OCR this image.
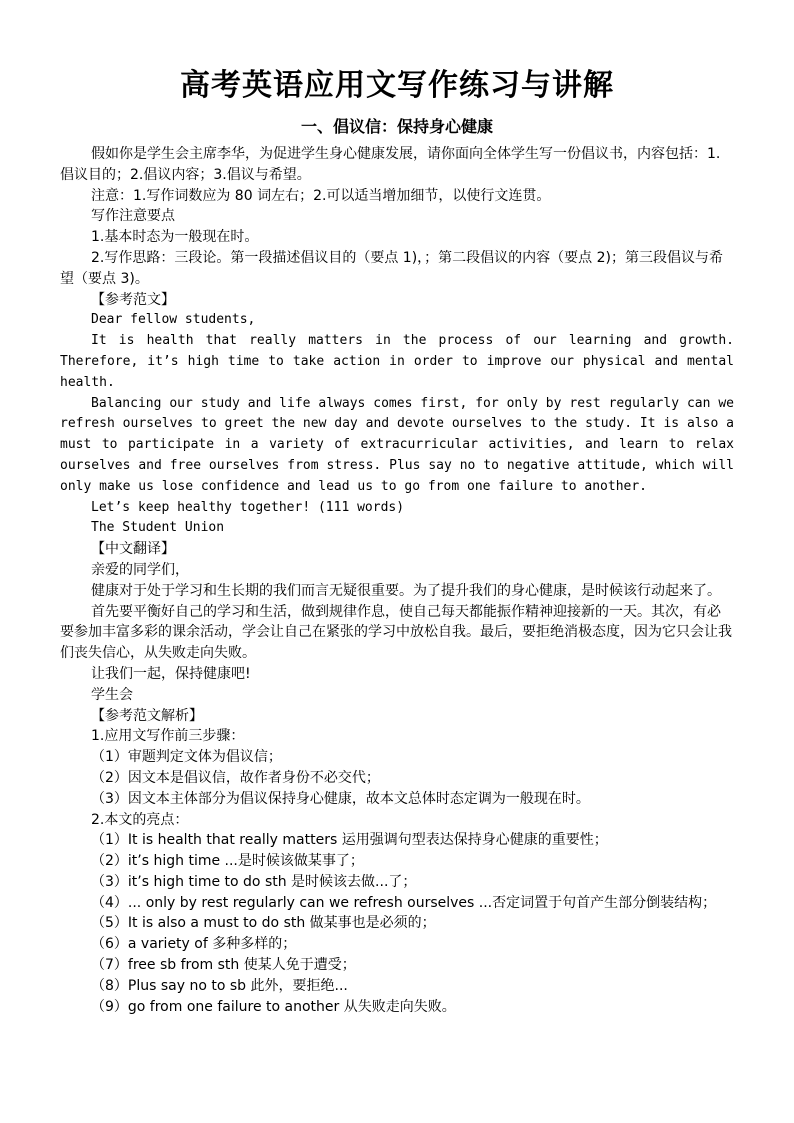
高考英语应用文写作练习与讲解
一、倡议信：保持身心健康

假如你是学生会主席李华，为促进学生身心健康发展，请你面向全体学生写一份倡议书，内容包括：1.倡议目的；2.倡议内容；3.倡议与希望。

注意：1.写作词数应为 80 词左右；2.可以适当增加细节，以使行文连贯。

写作注意要点

1.基本时态为一般现在时。

2.写作思路：三段论。第一段描述倡议目的（要点 1)，；第二段倡议的内容（要点 2)；第三段倡议与希望（要点 3)。

【参考范文】

Dear fellow students,

It is health that really matters in the process of our learning and growth. Therefore, it’s high time to take action in order to improve our physical and mental health.

Balancing our study and life always comes first, for only by rest regularly can we refresh ourselves to greet the new day and devote ourselves to the study. It is also a must to participate in a variety of extracurricular activities, and learn to relax ourselves and free ourselves from stress. Plus say no to negative attitude, which will only make us lose confidence and lead us to go from one failure to another.

Let’s keep healthy together! (111 words)

The Student Union

【中文翻译】

亲爱的同学们，

健康对于处于学习和生长期的我们而言无疑很重要。为了提升我们的身心健康，是时候该行动起来了。

首先要平衡好自己的学习和生活，做到规律作息，使自己每天都能振作精神迎接新的一天。其次，有必要参加丰富多彩的课余活动，学会让自己在紧张的学习中放松自我。最后，要拒绝消极态度，因为它只会让我们丧失信心，从失败走向失败。

让我们一起，保持健康吧!

学生会

【参考范文解析】

1.应用文写作前三步骤：

（1）审题判定文体为倡议信；

（2）因文本是倡议信，故作者身份不必交代；

（3）因文本主体部分为倡议保持身心健康，故本文总体时态定调为一般现在时。

2.本文的亮点：

（1）It is health that really matters 运用强调句型表达保持身心健康的重要性；

（2）it’s high time ...是时候该做某事了；

（3）it’s high time to do sth 是时候该去做...了；

（4）... only by rest regularly can we refresh ourselves ...否定词置于句首产生部分倒装结构；

（5）It is also a must to do sth 做某事也是必须的；

（6）a variety of 多种多样的；

（7）free sb from sth 使某人免于遭受；

（8）Plus say no to sb 此外，要拒绝...

（9）go from one failure to another 从失败走向失败。
